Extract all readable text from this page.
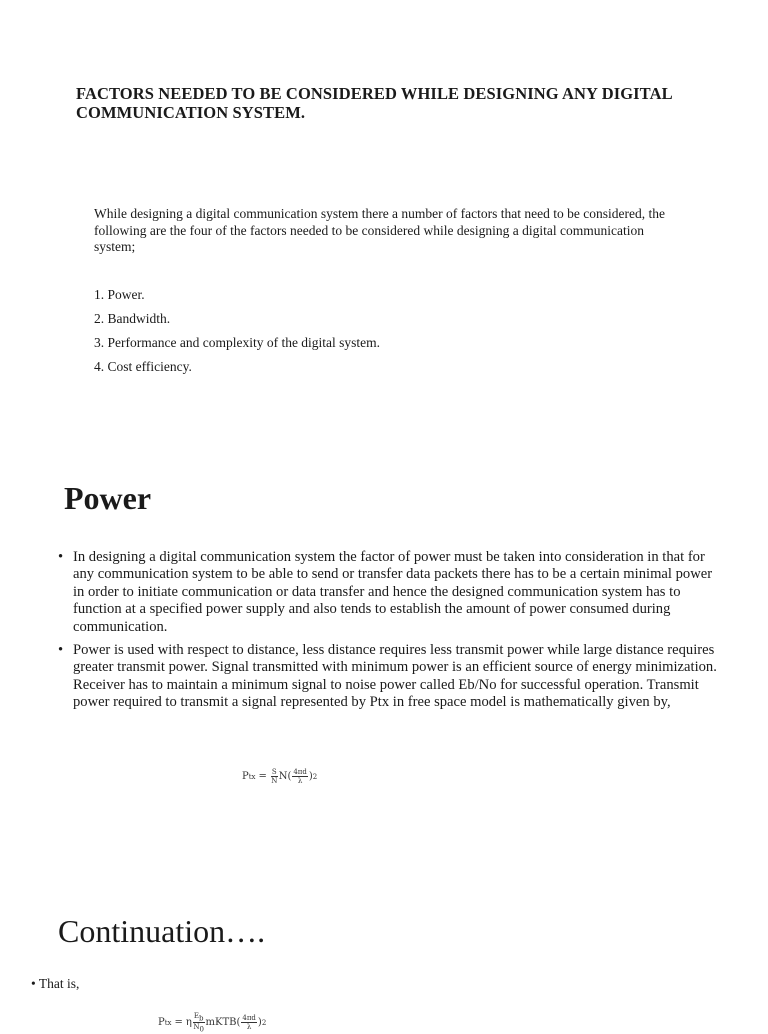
FACTORS NEEDED TO BE CONSIDERED WHILE DESIGNING ANY DIGITAL COMMUNICATION SYSTEM.

While designing a digital communication system there a number of factors that need to be considered, the following are the four of the factors needed to be considered while designing a digital communication system;

1. Power.
2. Bandwidth.
3. Performance and complexity of the digital system.
4. Cost efficiency.
Power
• In designing a digital communication system the factor of power must be taken into consideration in that for any communication system to be able to send or transfer data packets there has to be a certain minimal power in order to initiate communication or data transfer and hence the designed communication system has to function at a specified power supply and also tends to establish the amount of power consumed during communication.
• Power is used with respect to distance, less distance requires less transmit power while large distance requires greater transmit power. Signal transmitted with minimum power is an efficient source of energy minimization. Receiver has to maintain a minimum signal to noise power called Eb/No for successful operation. Transmit power required to transmit a signal represented by Ptx in free space model is mathematically given by,
P tx = $\frac{S}{N} N( \frac{4\pi d}{\lambda}$ ) 2
Continuation….
• That is,
P tx = η $\frac{E_b}{N_0}$ mKTB( $\frac{4\pi d}{\lambda}$ ) 2
